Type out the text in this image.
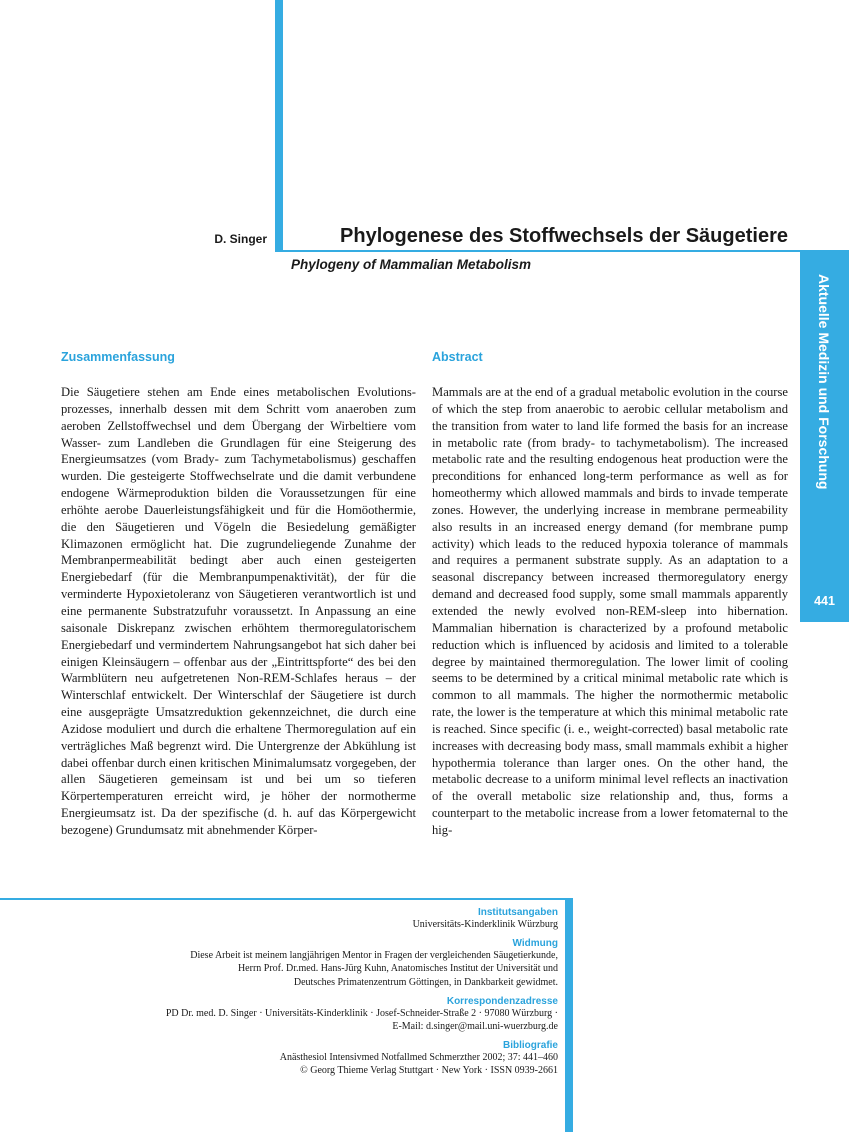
D. Singer	Phylogenese des Stoffwechsels der Säugetiere
Phylogeny of Mammalian Metabolism
Aktuelle Medizin und Forschung
441
Zusammenfassung
Die Säugetiere stehen am Ende eines metabolischen Evolutionsprozesses, innerhalb dessen mit dem Schritt vom anaeroben zum aeroben Zellstoffwechsel und dem Übergang der Wirbeltiere vom Wasser- zum Landleben die Grundlagen für eine Steigerung des Energieumsatzes (vom Brady- zum Tachymetabolismus) geschaffen wurden. Die gesteigerte Stoffwechselrate und die damit verbundene endogene Wärmeproduktion bilden die Voraussetzungen für eine erhöhte aerobe Dauerleistungsfähigkeit und für die Homöothermie, die den Säugetieren und Vögeln die Besiedelung gemäßigter Klimazonen ermöglicht hat. Die zugrundeliegende Zunahme der Membranpermeabilität bedingt aber auch einen gesteigerten Energiebedarf (für die Membranpumpenaktivität), der für die verminderte Hypoxietoleranz von Säugetieren verantwortlich ist und eine permanente Substratzufuhr voraussetzt. In Anpassung an eine saisonale Diskrepanz zwischen erhöhtem thermoregulatorischem Energiebedarf und vermindertem Nahrungsangebot hat sich daher bei einigen Kleinsäugern – offenbar aus der „Eintrittspforte“ des bei den Warmblütern neu aufgetretenen Non-REM-Schlafes heraus – der Winterschlaf entwickelt. Der Winterschlaf der Säugetiere ist durch eine ausgeprägte Umsatzreduktion gekennzeichnet, die durch eine Azidose moduliert und durch die erhaltene Thermoregulation auf ein verträgliches Maß begrenzt wird. Die Untergrenze der Abkühlung ist dabei offenbar durch einen kritischen Minimalumsatz vorgegeben, der allen Säugetieren gemeinsam ist und bei um so tieferen Körpertemperaturen erreicht wird, je höher der normotherme Energieumsatz ist. Da der spezifische (d. h. auf das Körpergewicht bezogene) Grundumsatz mit abnehmender Körper-
Abstract
Mammals are at the end of a gradual metabolic evolution in the course of which the step from anaerobic to aerobic cellular metabolism and the transition from water to land life formed the basis for an increase in metabolic rate (from brady- to tachymetabolism). The increased metabolic rate and the resulting endogenous heat production were the preconditions for enhanced long-term performance as well as for homeothermy which allowed mammals and birds to invade temperate zones. However, the underlying increase in membrane permeability also results in an increased energy demand (for membrane pump activity) which leads to the reduced hypoxia tolerance of mammals and requires a permanent substrate supply. As an adaptation to a seasonal discrepancy between increased thermoregulatory energy demand and decreased food supply, some small mammals apparently extended the newly evolved non-REM-sleep into hibernation. Mammalian hibernation is characterized by a profound metabolic reduction which is influenced by acidosis and limited to a tolerable degree by maintained thermoregulation. The lower limit of cooling seems to be determined by a critical minimal metabolic rate which is common to all mammals. The higher the normothermic metabolic rate, the lower is the temperature at which this minimal metabolic rate is reached. Since specific (i. e., weight-corrected) basal metabolic rate increases with decreasing body mass, small mammals exhibit a higher hypothermia tolerance than larger ones. On the other hand, the metabolic decrease to a uniform minimal level reflects an inactivation of the overall metabolic size relationship and, thus, forms a counterpart to the metabolic increase from a lower fetomaternal to the hig-
Institutsangaben
Universitäts-Kinderklinik Würzburg
Widmung
Diese Arbeit ist meinem langjährigen Mentor in Fragen der vergleichenden Säugetierkunde,
Herrn Prof. Dr.med. Hans-Jürg Kuhn, Anatomisches Institut der Universität und
Deutsches Primatenzentrum Göttingen, in Dankbarkeit gewidmet.
Korrespondenzadresse
PD Dr. med. D. Singer · Universitäts-Kinderklinik · Josef-Schneider-Straße 2 · 97080 Würzburg ·
E-Mail: d.singer@mail.uni-wuerzburg.de
Bibliografie
Anästhesiol Intensivmed Notfallmed Schmerzther 2002; 37: 441–460
© Georg Thieme Verlag Stuttgart · New York · ISSN 0939-2661
